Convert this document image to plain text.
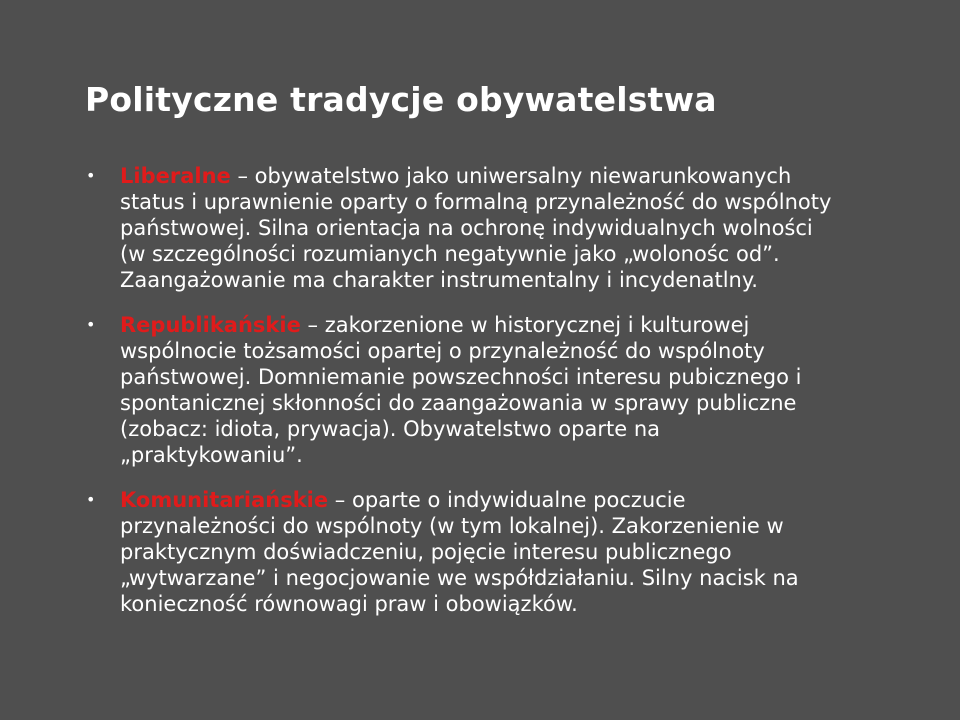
Polityczne tradycje obywatelstwa
• Liberalne – obywatelstwo jako uniwersalny niewarunkowanych status i uprawnienie oparty o formalną przynależność do wspólnoty państwowej. Silna orientacja na ochronę indywidualnych wolności (w szczególności rozumianych negatywnie jako „wolonośc od”. Zaangażowanie ma charakter instrumentalny i incydenatlny.
• Republikańskie – zakorzenione w historycznej i kulturowej wspólnocie tożsamości opartej o przynależność do wspólnoty państwowej. Domniemanie powszechności interesu pubicznego i spontanicznej skłonności do zaangażowania w sprawy publiczne (zobacz: idiota, prywacja). Obywatelstwo oparte na „praktykowaniu”.
• Komunitariańskie – oparte o indywidualne poczucie przynależności do wspólnoty (w tym lokalnej). Zakorzenienie w praktycznym doświadczeniu, pojęcie interesu publicznego „wytwarzane” i negocjowanie we współdziałaniu. Silny nacisk na konieczność równowagi praw i obowiązków.
